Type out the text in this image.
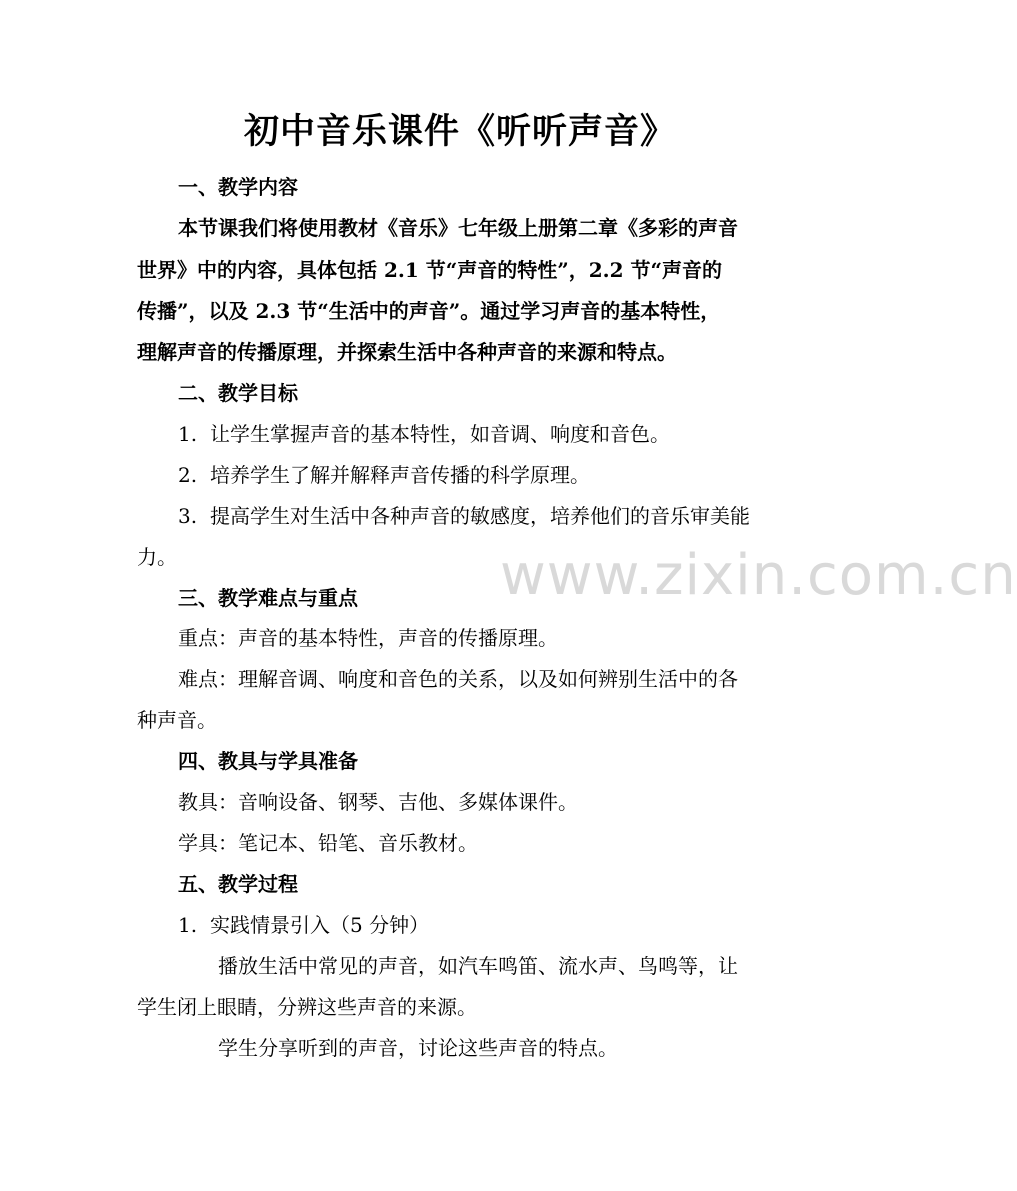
初中音乐课件《听听声音》
一、教学内容
本节课我们将使用教材《音乐》七年级上册第二章《多彩的声音
世界》中的内容，具体包括 2.1 节“声音的特性”，2.2 节“声音的
传播”，以及 2.3 节“生活中的声音”。通过学习声音的基本特性，
理解声音的传播原理，并探索生活中各种声音的来源和特点。
二、教学目标
1. 让学生掌握声音的基本特性，如音调、响度和音色。
2. 培养学生了解并解释声音传播的科学原理。
3. 提高学生对生活中各种声音的敏感度，培养他们的音乐审美能
力。	www.zixin.com.cn
三、教学难点与重点
重点：声音的基本特性，声音的传播原理。
难点：理解音调、响度和音色的关系，以及如何辨别生活中的各
种声音。
四、教具与学具准备
教具：音响设备、钢琴、吉他、多媒体课件。
学具：笔记本、铅笔、音乐教材。
五、教学过程
1. 实践情景引入（5 分钟）
播放生活中常见的声音，如汽车鸣笛、流水声、鸟鸣等，让
学生闭上眼睛，分辨这些声音的来源。
学生分享听到的声音，讨论这些声音的特点。
